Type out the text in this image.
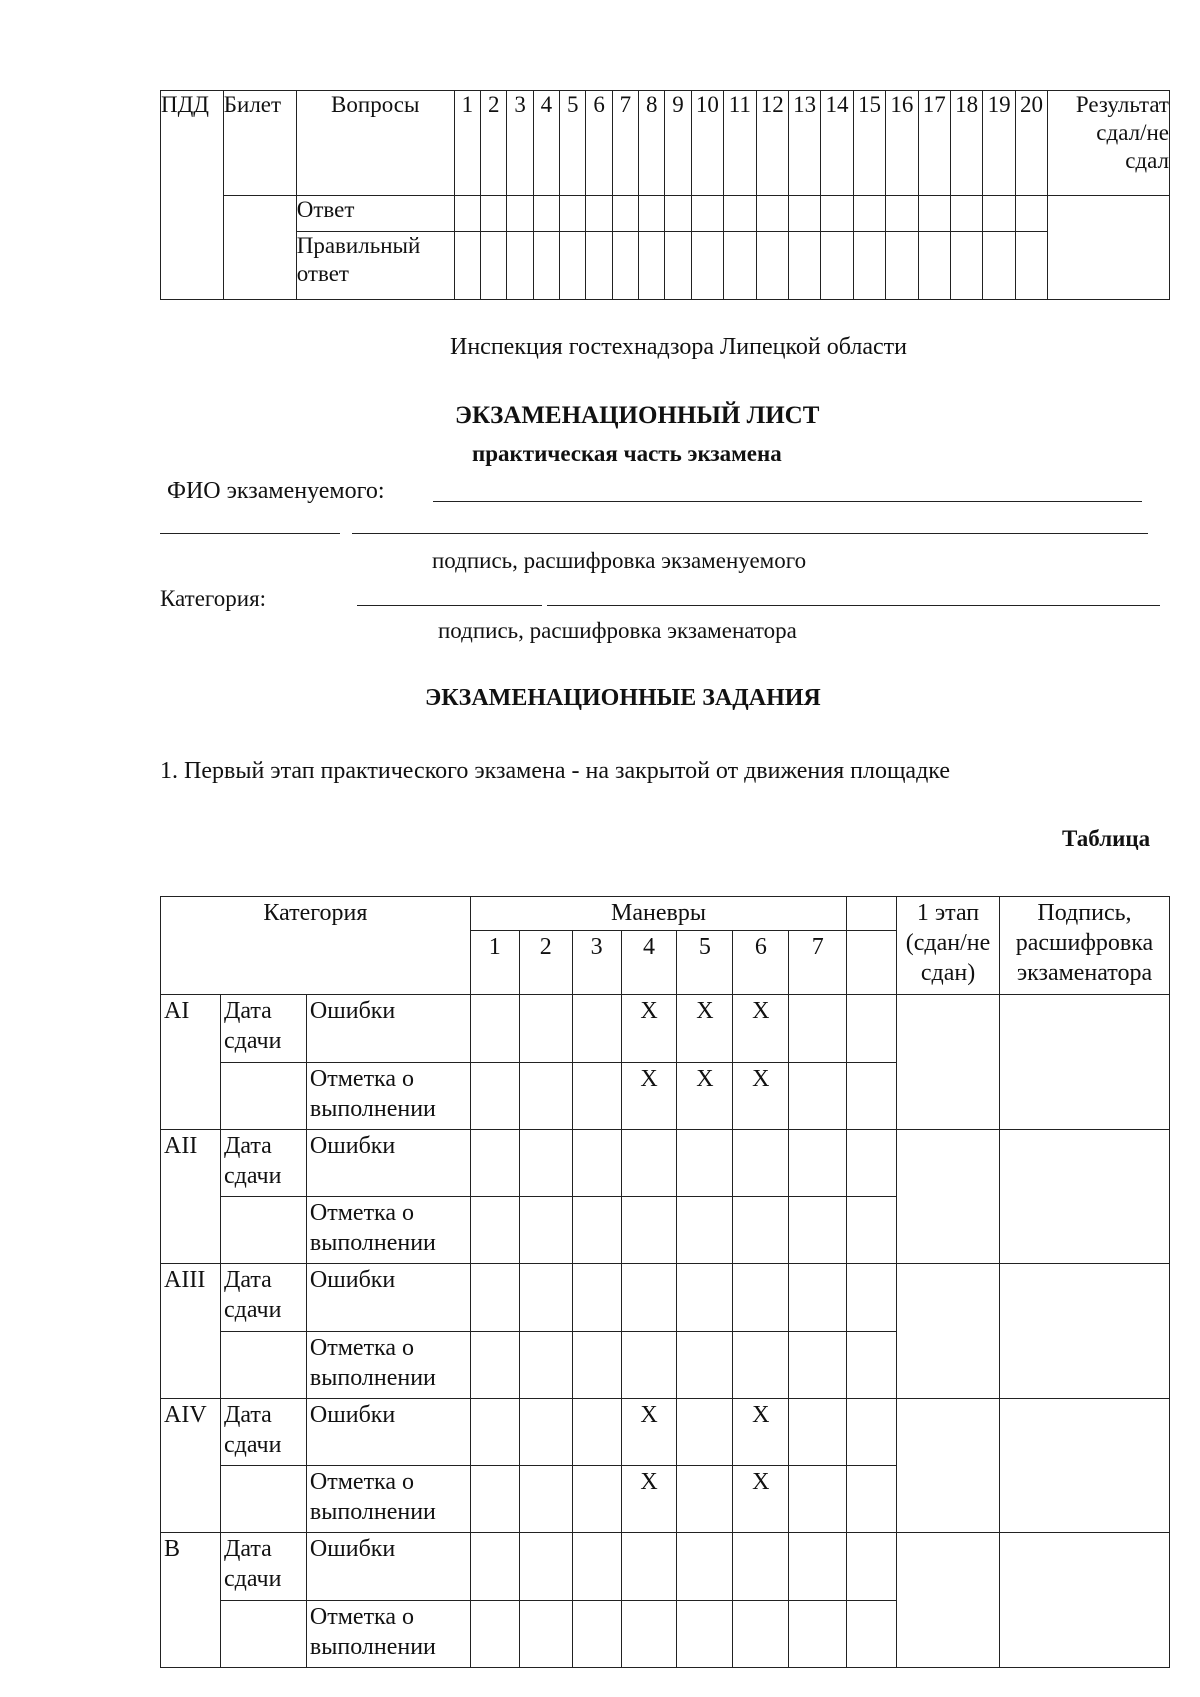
ПДД	Билет	Вопросы	1	2	3	4	5	6	7	8	9	10	11	12	13	14	15	16	17	18	19	20	Результат сдал/не сдал
		Ответ																					
		Правильный ответ																					
Инспекция гостехнадзора Липецкой области
ЭКЗАМЕНАЦИОННЫЙ ЛИСТ
практическая часть экзамена
ФИО экзаменуемого:
подпись, расшифровка экзаменуемого
Категория:
подпись, расшифровка экзаменатора
ЭКЗАМЕНАЦИОННЫЕ ЗАДАНИЯ
1. Первый этап практического экзамена - на закрытой от движения площадке
Таблица
Категория			Маневры								1 этап (сдан/не сдан)	Подпись, расшифровка экзаменатора
			1	2	3	4	5	6	7			
AI	Дата сдачи	Ошибки				X	X	X				
		Отметка о выполнении				X	X	X				
AII	Дата сдачи	Ошибки										
		Отметка о выполнении										
AIII	Дата сдачи	Ошибки										
		Отметка о выполнении										
AIV	Дата сдачи	Ошибки				X		X				
		Отметка о выполнении				X		X				
B	Дата сдачи	Ошибки										
		Отметка о выполнении										
